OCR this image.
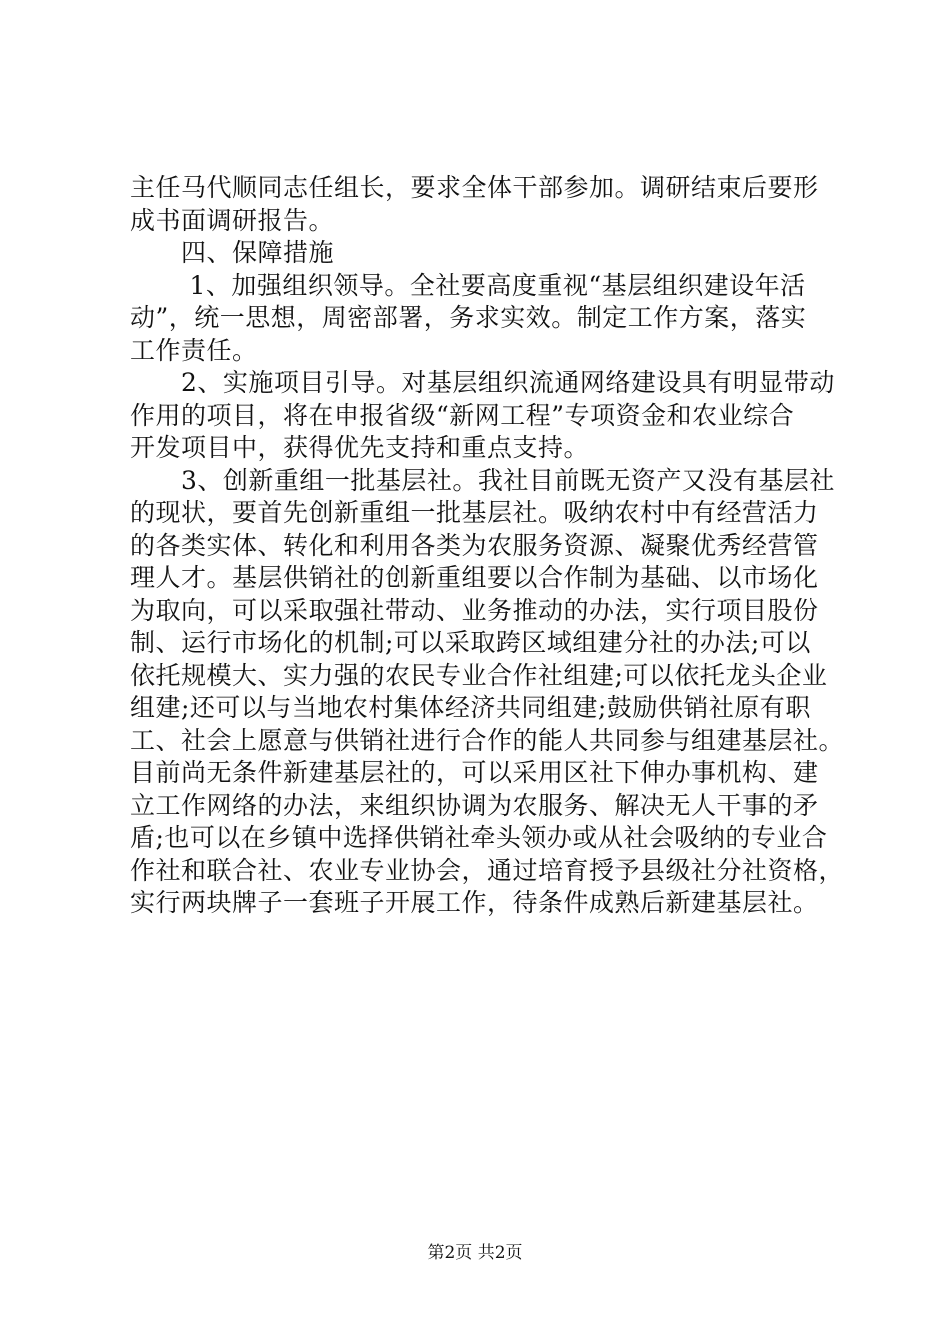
主任马代顺同志任组长，要求全体干部参加。调研结束后要形
成书面调研报告。
　　四、保障措施
　　 1、加强组织领导。全社要高度重视“基层组织建设年活
动”，统一思想，周密部署，务求实效。制定工作方案，落实
工作责任。
　　2、实施项目引导。对基层组织流通网络建设具有明显带动
作用的项目，将在申报省级“新网工程”专项资金和农业综合
开发项目中，获得优先支持和重点支持。
　　3、创新重组一批基层社。我社目前既无资产又没有基层社
的现状，要首先创新重组一批基层社。吸纳农村中有经营活力
的各类实体、转化和利用各类为农服务资源、凝聚优秀经营管
理人才。基层供销社的创新重组要以合作制为基础、以市场化
为取向，可以采取强社带动、业务推动的办法，实行项目股份
制、运行市场化的机制;可以采取跨区域组建分社的办法;可以
依托规模大、实力强的农民专业合作社组建;可以依托龙头企业
组建;还可以与当地农村集体经济共同组建;鼓励供销社原有职
工、社会上愿意与供销社进行合作的能人共同参与组建基层社。
目前尚无条件新建基层社的，可以采用区社下伸办事机构、建
立工作网络的办法，来组织协调为农服务、解决无人干事的矛
盾;也可以在乡镇中选择供销社牵头领办或从社会吸纳的专业合
作社和联合社、农业专业协会，通过培育授予县级社分社资格，
实行两块牌子一套班子开展工作，待条件成熟后新建基层社。
第2页 共2页
